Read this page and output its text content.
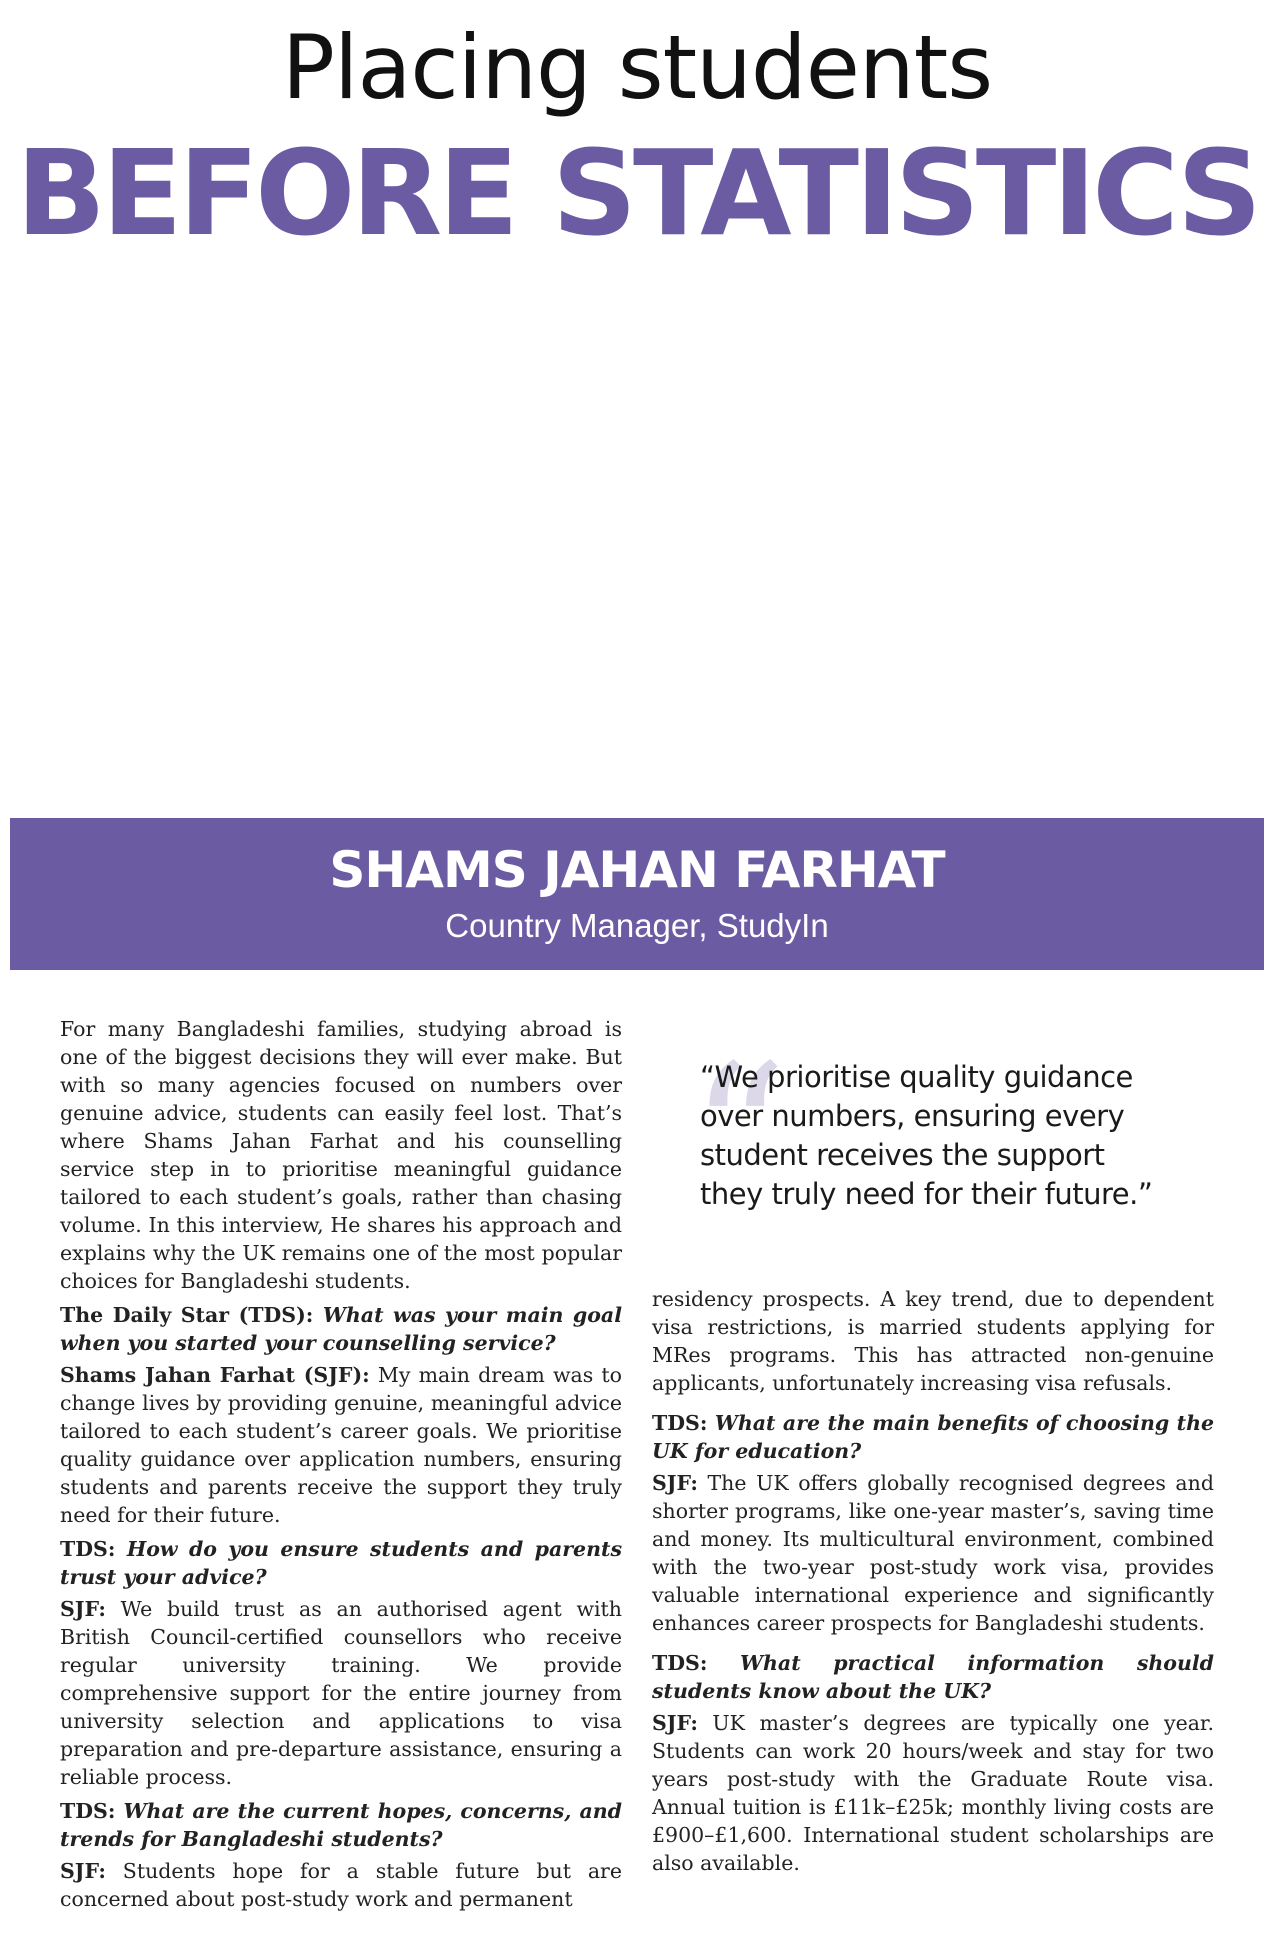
Placing students
BEFORE STATISTICS
SHAMS JAHAN FARHAT
Country Manager, StudyIn

For many Bangladeshi families, studying abroad is one of the biggest decisions they will ever make. But with so many agencies focused on numbers over genuine advice, students can easily feel lost. That’s where Shams Jahan Farhat and his counselling service step in to prioritise meaningful guidance tailored to each student’s goals, rather than chasing volume. In this interview, He shares his approach and explains why the UK remains one of the most popular choices for Bangladeshi students.

The Daily Star (TDS): What was your main goal when you started your counselling service?

Shams Jahan Farhat (SJF): My main dream was to change lives by providing genuine, meaningful advice tailored to each student’s career goals. We prioritise quality guidance over application numbers, ensuring students and parents receive the support they truly need for their future.

TDS: How do you ensure students and parents trust your advice?

SJF: We build trust as an authorised agent with British Council-certified counsellors who receive regular university training. We provide comprehensive support for the entire journey from university selection and applications to visa preparation and pre-departure assistance, ensuring a reliable process.

TDS: What are the current hopes, concerns, and trends for Bangladeshi students?

SJF: Students hope for a stable future but are concerned about post-study work and permanent

“
“We prioritise quality guidance over numbers, ensuring every student receives the support they truly need for their future.”

residency prospects. A key trend, due to dependent visa restrictions, is married students applying for MRes programs. This has attracted non-genuine applicants, unfortunately increasing visa refusals.

TDS: What are the main benefits of choosing the UK for education?

SJF: The UK offers globally recognised degrees and shorter programs, like one-year master’s, saving time and money. Its multicultural environment, combined with the two-year post-study work visa, provides valuable international experience and significantly enhances career prospects for Bangladeshi students.

TDS: What practical information should students know about the UK?

SJF: UK master’s degrees are typically one year. Students can work 20 hours/week and stay for two years post-study with the Graduate Route visa. Annual tuition is £11k–£25k; monthly living costs are £900–£1,600. International student scholarships are also available.
